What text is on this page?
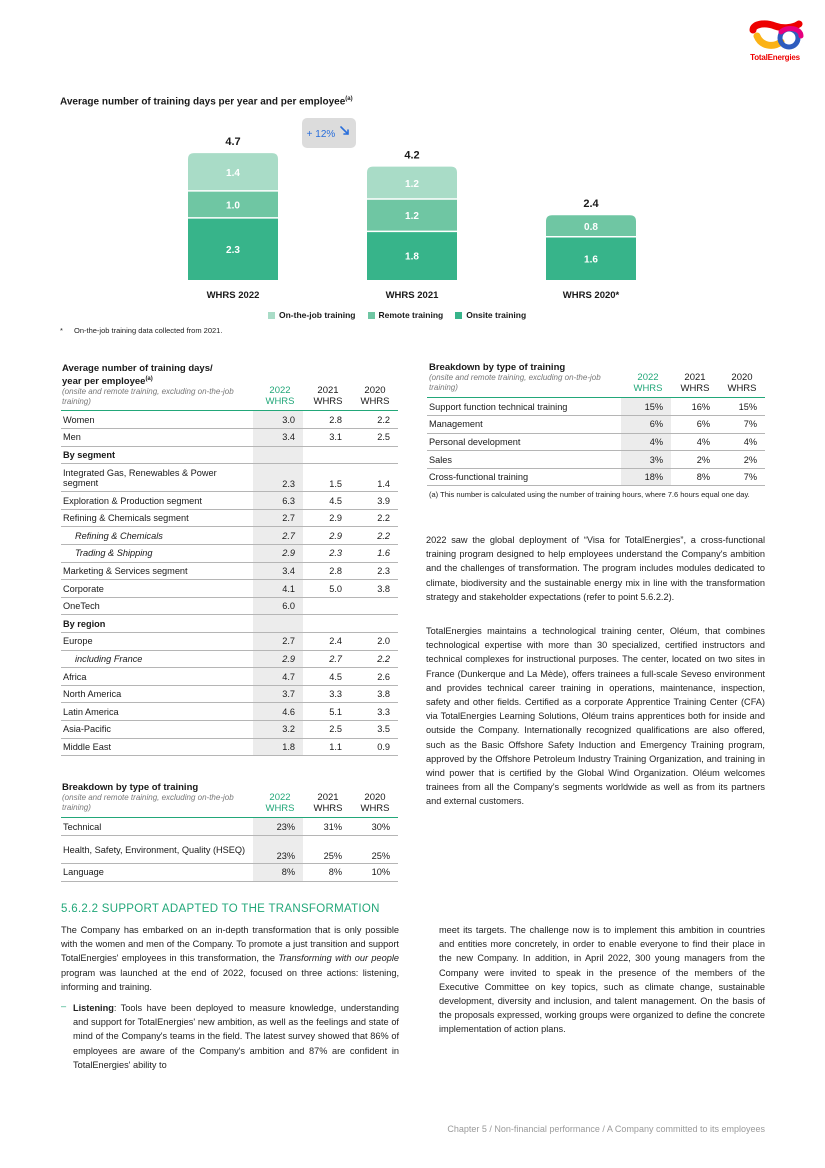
TotalEnergies
Average number of training days per year and per employee$^{(a)}$
2.3
1.0
1.4
4.7
WHRS 2022
1.8
1.2
1.2
4.2
WHRS 2021
1.6
0.8
2.4
WHRS 2020*
+ 12%
On-the-job training	Remote training	Onsite training
* On-the-job training data collected from 2021.
Average number of training days/
year per employee$^{(a)}$
(onsite and remote training, excluding on-the-job training)
2022
WHRS
2021
WHRS
2020
WHRS
Women	3.0	2.8	2.2
Men	3.4	3.1	2.5
By segment			
Integrated Gas, Renewables & Power segment	2.3	1.5	1.4
Exploration & Production segment	6.3	4.5	3.9
Refining & Chemicals segment	2.7	2.9	2.2
Refining & Chemicals	2.7	2.9	2.2
Trading & Shipping	2.9	2.3	1.6
Marketing & Services segment	3.4	2.8	2.3
Corporate	4.1	5.0	3.8
OneTech	6.0		
By region			
Europe	2.7	2.4	2.0
including France	2.9	2.7	2.2
Africa	4.7	4.5	2.6
North America	3.7	3.3	3.8
Latin America	4.6	5.1	3.3
Asia-Pacific	3.2	2.5	3.5
Middle East	1.8	1.1	0.9
Breakdown by type of training
(onsite and remote training, excluding on-the-job training)
2022
WHRS
2021
WHRS
2020
WHRS
Technical	23%	31%	30%
Health, Safety, Environment, Quality (HSEQ)	23%	25%	25%
Language	8%	8%	10%
Breakdown by type of training
(onsite and remote training, excluding on-the-job training)
2022
WHRS
2021
WHRS
2020
WHRS
Support function technical training	15%	16%	15%
Management	6%	6%	7%
Personal development	4%	4%	4%
Sales	3%	2%	2%
Cross-functional training	18%	8%	7%
(a) This number is calculated using the number of training hours, where 7.6 hours equal one day.
2022 saw the global deployment of “Visa for TotalEnergies”, a cross-functional training program designed to help employees understand the Company's ambition and the challenges of transformation. The program includes modules dedicated to climate, biodiversity and the sustainable energy mix in line with the transformation strategy and stakeholder expectations (refer to point 5.6.2.2).
TotalEnergies maintains a technological training center, Oléum, that combines technological expertise with more than 30 specialized, certified instructors and technical complexes for instructional purposes. The center, located on two sites in France (Dunkerque and La Mède), offers trainees a full-scale Seveso environment and provides technical career training in operations, maintenance, inspection, safety and other fields. Certified as a corporate Apprentice Training Center (CFA) via TotalEnergies Learning Solutions, Oléum trains apprentices both for inside and outside the Company. Internationally recognized qualifications are also offered, such as the Basic Offshore Safety Induction and Emergency Training program, approved by the Offshore Petroleum Industry Training Organization, and training in wind power that is certified by the Global Wind Organization. Oléum welcomes trainees from all the Company’s segments worldwide as well as from its partners and external customers.
5.6.2.2 SUPPORT ADAPTED TO THE TRANSFORMATION
The Company has embarked on an in-depth transformation that is only possible with the women and men of the Company. To promote a just transition and support TotalEnergies' employees in this transformation, the Transforming with our people program was launched at the end of 2022, focused on three actions: listening, informing and training.
– Listening: Tools have been deployed to measure knowledge, understanding and support for TotalEnergies' new ambition, as well as the feelings and state of mind of the Company's teams in the field. The latest survey showed that 86% of employees are aware of the Company's ambition and 87% are confident in TotalEnergies' ability to
meet its targets. The challenge now is to implement this ambition in countries and entities more concretely, in order to enable everyone to find their place in the new Company. In addition, in April 2022, 300 young managers from the Company were invited to speak in the presence of the members of the Executive Committee on key topics, such as climate change, sustainable development, diversity and inclusion, and talent management. On the basis of the proposals expressed, working groups were organized to define the concrete implementation of action plans.
Chapter 5 / Non-financial performance / A Company committed to its employees
